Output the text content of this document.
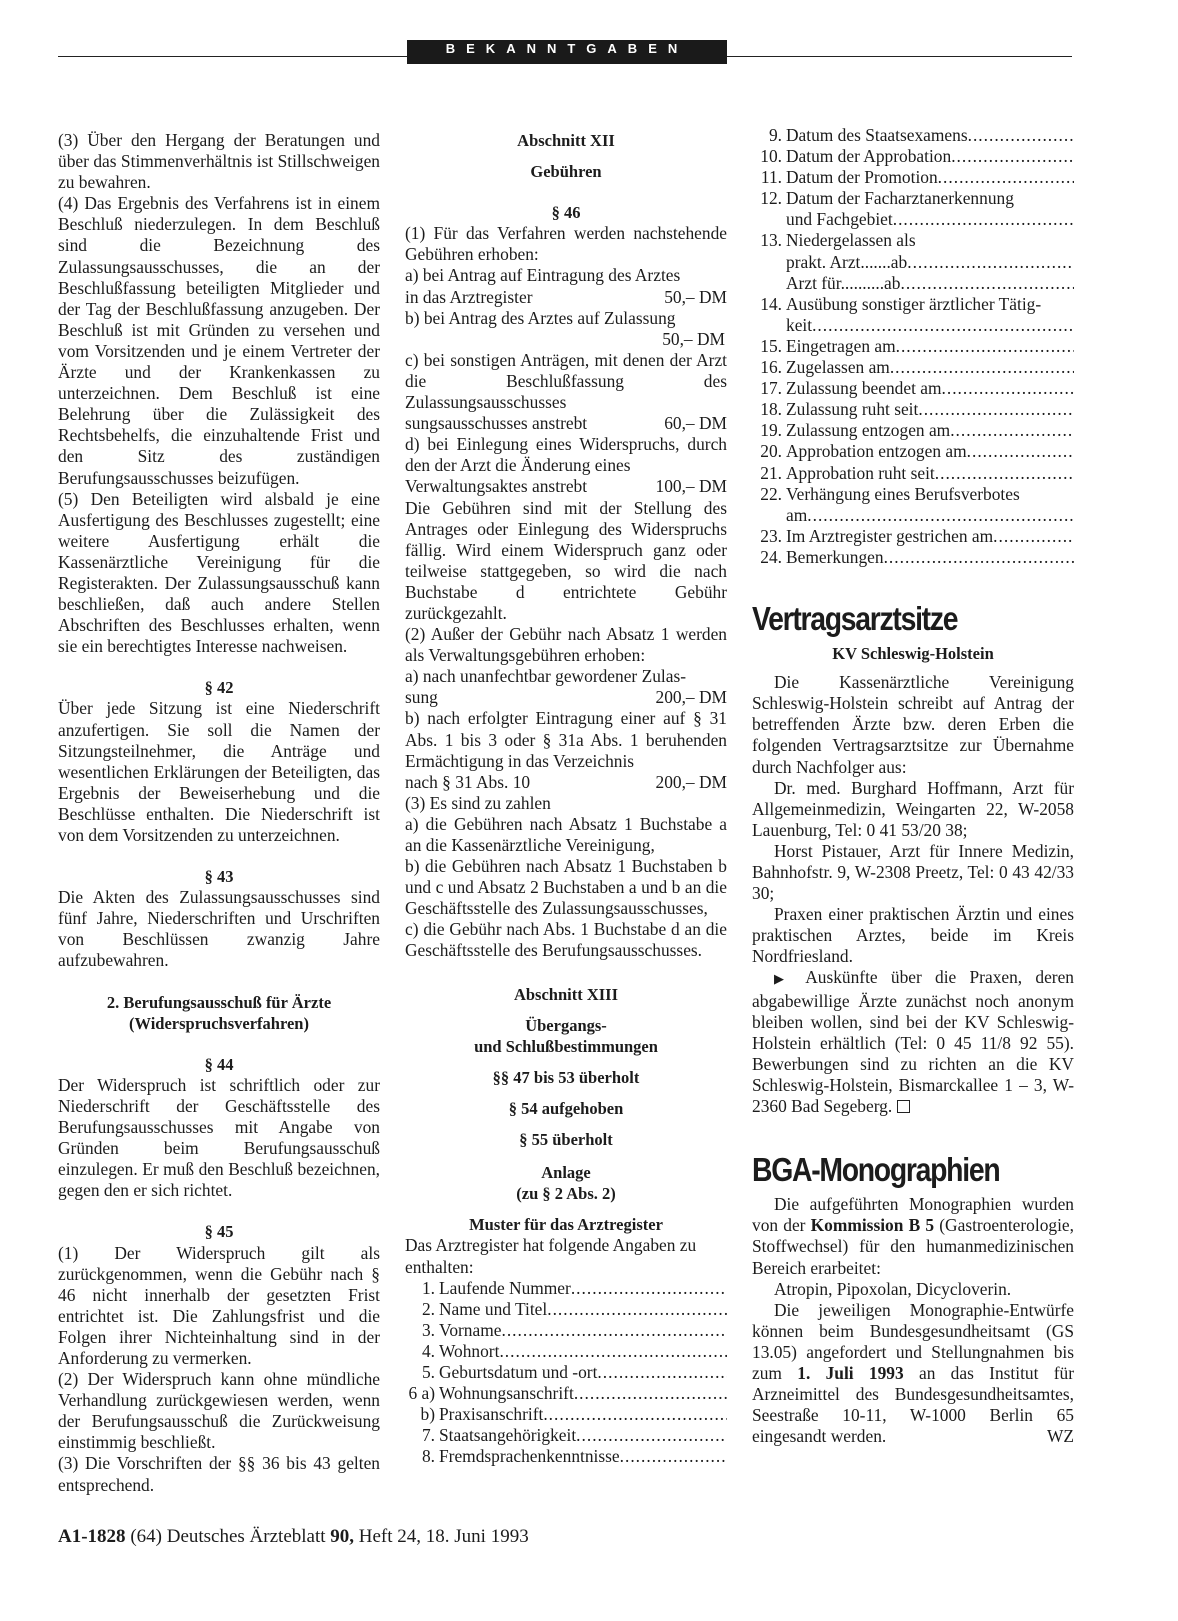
BEKANNTGABEN

(3) Über den Hergang der Beratungen und über das Stimmenverhältnis ist Stillschweigen zu bewahren.

(4) Das Ergebnis des Verfahrens ist in einem Beschluß niederzulegen. In dem Beschluß sind die Bezeichnung des Zulassungsausschusses, die an der Beschlußfassung beteiligten Mitglieder und der Tag der Beschlußfassung anzugeben. Der Beschluß ist mit Gründen zu versehen und vom Vorsitzenden und je einem Vertreter der Ärzte und der Krankenkassen zu unterzeichnen. Dem Beschluß ist eine Belehrung über die Zulässigkeit des Rechtsbehelfs, die einzuhaltende Frist und den Sitz des zuständigen Berufungsausschusses beizufügen.

(5) Den Beteiligten wird alsbald je eine Ausfertigung des Beschlusses zugestellt; eine weitere Ausfertigung erhält die Kassenärztliche Vereinigung für die Registerakten. Der Zulassungsausschuß kann beschließen, daß auch andere Stellen Abschriften des Beschlusses erhalten, wenn sie ein berechtigtes Interesse nachweisen.

§ 42

Über jede Sitzung ist eine Niederschrift anzufertigen. Sie soll die Namen der Sitzungsteilnehmer, die Anträge und wesentlichen Erklärungen der Beteiligten, das Ergebnis der Beweiserhebung und die Beschlüsse enthalten. Die Niederschrift ist von dem Vorsitzenden zu unterzeichnen.

§ 43

Die Akten des Zulassungsausschusses sind fünf Jahre, Niederschriften und Urschriften von Beschlüssen zwanzig Jahre aufzubewahren.

2. Berufungsausschuß für Ärzte

(Widerspruchsverfahren)

§ 44

Der Widerspruch ist schriftlich oder zur Niederschrift der Geschäftsstelle des Berufungsausschusses mit Angabe von Gründen beim Berufungsausschuß einzulegen. Er muß den Beschluß bezeichnen, gegen den er sich richtet.

§ 45

(1) Der Widerspruch gilt als zurückgenommen, wenn die Gebühr nach § 46 nicht innerhalb der gesetzten Frist entrichtet ist. Die Zahlungsfrist und die Folgen ihrer Nichteinhaltung sind in der Anforderung zu vermerken.

(2) Der Widerspruch kann ohne mündliche Verhandlung zurückgewiesen werden, wenn der Berufungsausschuß die Zurückweisung einstimmig beschließt.

(3) Die Vorschriften der §§ 36 bis 43 gelten entsprechend.

Abschnitt XII

Gebühren

§ 46

(1) Für das Verfahren werden nachstehende Gebühren erhoben:

a) bei Antrag auf Eintragung des Arztes

in das Arztregister	50,– DM

b) bei Antrag des Arztes auf Zulassung

50,– DM

c) bei sonstigen Anträgen, mit denen der Arzt die Beschlußfassung des Zulassungsausschusses

sungsausschusses anstrebt	60,– DM

d) bei Einlegung eines Widerspruchs, durch den der Arzt die Änderung eines

Verwaltungsaktes anstrebt	100,– DM

Die Gebühren sind mit der Stellung des Antrages oder Einlegung des Widerspruchs fällig. Wird einem Widerspruch ganz oder teilweise stattgegeben, so wird die nach Buchstabe d entrichtete Gebühr zurückgezahlt.

(2) Außer der Gebühr nach Absatz 1 werden als Verwaltungsgebühren erhoben:

a) nach unanfechtbar gewordener Zulas-

sung	200,– DM

b) nach erfolgter Eintragung einer auf § 31 Abs. 1 bis 3 oder § 31a Abs. 1 beruhenden Ermächtigung in das Verzeichnis

nach § 31 Abs. 10	200,– DM

(3) Es sind zu zahlen

a) die Gebühren nach Absatz 1 Buchstabe a an die Kassenärztliche Vereinigung,

b) die Gebühren nach Absatz 1 Buchstaben b und c und Absatz 2 Buchstaben a und b an die Geschäftsstelle des Zulassungsausschusses,

c) die Gebühr nach Abs. 1 Buchstabe d an die Geschäftsstelle des Berufungsausschusses.

Abschnitt XIII

Übergangs-

und Schlußbestimmungen

§§ 47 bis 53 überholt

§ 54 aufgehoben

§ 55 überholt

Anlage

(zu § 2 Abs. 2)

Muster für das Arztregister

Das Arztregister hat folgende Angaben zu enthalten:

1. Laufende Nummer
.....
2. Name und Titel
.....
3. Vorname
.....
4. Wohnort
.....
5. Geburtsdatum und -ort
.....
6 a) Wohnungsanschrift
.....
b) Praxisanschrift
.....
7. Staatsangehörigkeit
.....
8. Fremdsprachenkenntnisse
.....
9. Datum des Staatsexamens
.....
10. Datum der Approbation
.....
11. Datum der Promotion
.....
12. Datum der Facharztanerkennung
und Fachgebiet
.....
13. Niedergelassen als
prakt. Arzt.......ab
.....
Arzt für..........ab
.....
14. Ausübung sonstiger ärztlicher Tätig-
keit
.....
15. Eingetragen am
.....
16. Zugelassen am
.....
17. Zulassung beendet am
.....
18. Zulassung ruht seit
.....
19. Zulassung entzogen am
.....
20. Approbation entzogen am
.....
21. Approbation ruht seit
.....
22. Verhängung eines Berufsverbotes
am
.....
23. Im Arztregister gestrichen am
.....
24. Bemerkungen
.....
Vertragsarztsitze

KV Schleswig-Holstein

Die Kassenärztliche Vereinigung Schleswig-Holstein schreibt auf Antrag der betreffenden Ärzte bzw. deren Erben die folgenden Vertragsarztsitze zur Übernahme durch Nachfolger aus:

Dr. med. Burghard Hoffmann, Arzt für Allgemeinmedizin, Weingarten 22, W-2058 Lauenburg, Tel: 0 41 53/20 38;

Horst Pistauer, Arzt für Innere Medizin, Bahnhofstr. 9, W-2308 Preetz, Tel: 0 43 42/33 30;

Praxen einer praktischen Ärztin und eines praktischen Arztes, beide im Kreis Nordfriesland.

▶ Auskünfte über die Praxen, deren abgabewillige Ärzte zunächst noch anonym bleiben wollen, sind bei der KV Schleswig-Holstein erhältlich (Tel: 0 45 11/8 92 55). Bewerbungen sind zu richten an die KV Schleswig-Holstein, Bismarckallee 1 – 3, W-2360 Bad Segeberg.

BGA-Monographien

Die aufgeführten Monographien wurden von der Kommission B 5 (Gastroenterologie, Stoffwechsel) für den humanmedizinischen Bereich erarbeitet:

Atropin, Pipoxolan, Dicycloverin.

Die jeweiligen Monographie-Entwürfe können beim Bundesgesundheitsamt (GS 13.05) angefordert und Stellungnahmen bis zum 1. Juli 1993 an das Institut für Arzneimittel des Bundesgesundheitsamtes, Seestraße 10-11, W-1000 Berlin 65 eingesandt werden.	WZ

A1-1828 (64) Deutsches Ärzteblatt 90, Heft 24, 18. Juni 1993
